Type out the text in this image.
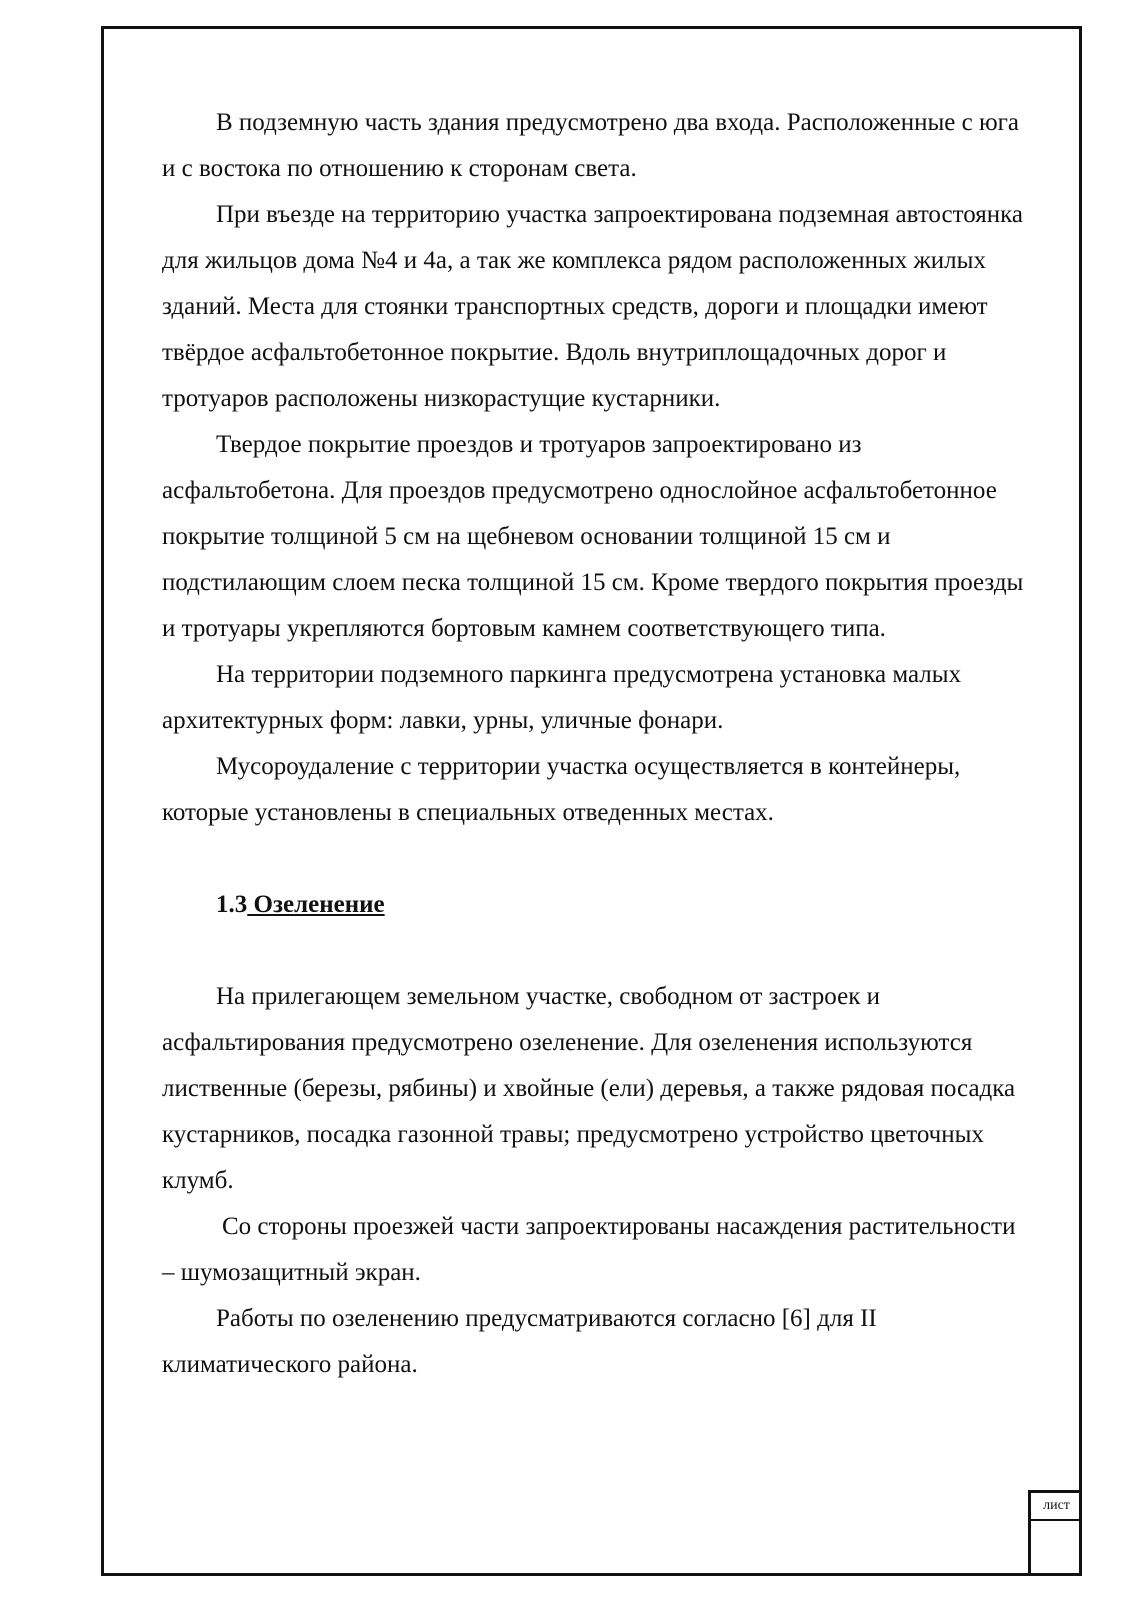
В подземную часть здания предусмотрено два входа. Расположенные с юга и с востока по отношению к сторонам света.

При въезде на территорию участка запроектирована подземная автостоянка для жильцов дома №4 и 4а, а так же комплекса рядом расположенных жилых зданий. Места для стоянки транспортных средств, дороги и площадки имеют твёрдое асфальтобетонное покрытие. Вдоль внутриплощадочных дорог и тротуаров расположены низкорастущие кустарники.

Твердое покрытие проездов и тротуаров запроектировано из асфальтобетона. Для проездов предусмотрено однослойное асфальтобетонное покрытие толщиной 5 см на щебневом основании толщиной 15 см и подстилающим слоем песка толщиной 15 см. Кроме твердого покрытия проезды и тротуары укрепляются бортовым камнем соответствующего типа.

На территории подземного паркинга предусмотрена установка малых архитектурных форм: лавки, урны, уличные фонари.

Мусороудаление с территории участка осуществляется в контейнеры, которые установлены в специальных отведенных местах.

1.3 Озеленение

На прилегающем земельном участке, свободном от застроек и асфальтирования предусмотрено озеленение. Для озеленения используются лиственные (березы, рябины) и хвойные (ели) деревья, а также рядовая посадка кустарников, посадка газонной травы; предусмотрено устройство цветочных клумб.

Со стороны проезжей части запроектированы насаждения растительности – шумозащитный экран.

Работы по озеленению предусматриваются согласно [6] для II климатического района.

лист
